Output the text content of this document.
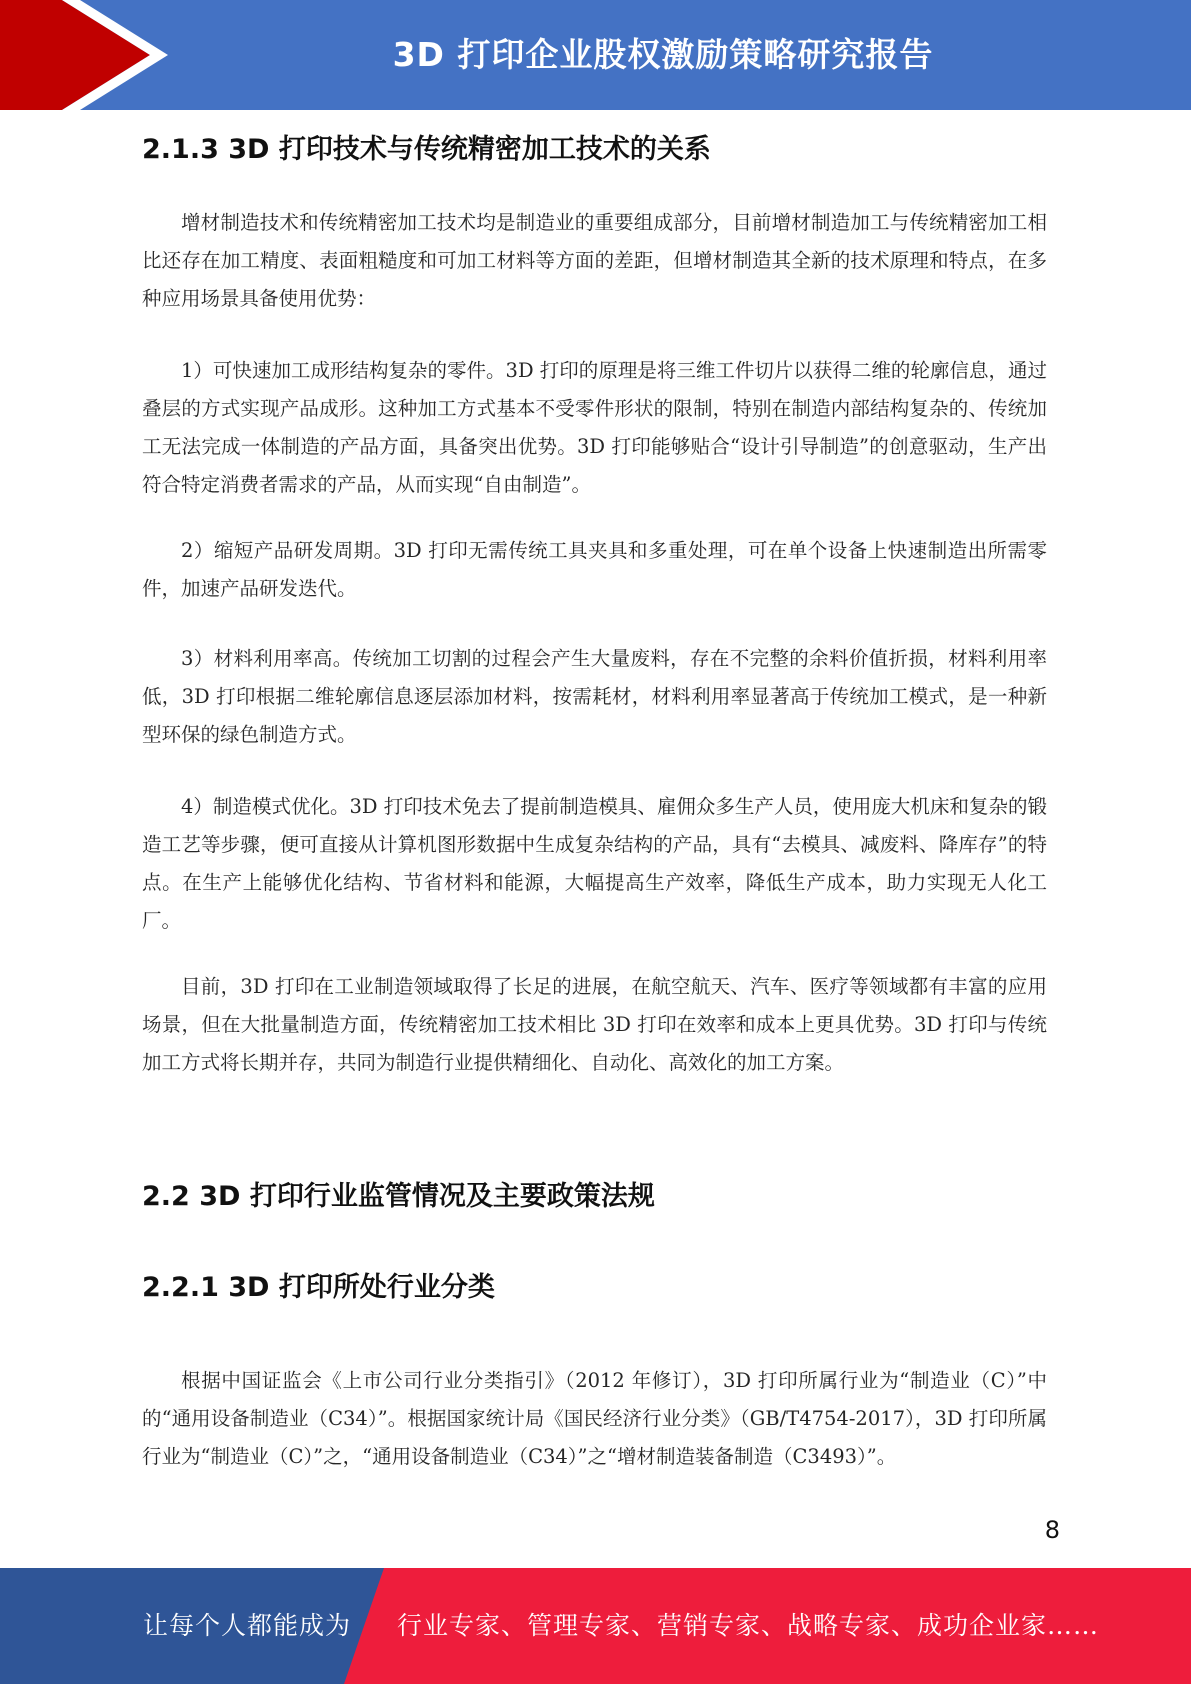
3D 打印企业股权激励策略研究报告
2.1.3 3D 打印技术与传统精密加工技术的关系

增材制造技术和传统精密加工技术均是制造业的重要组成部分，目前增材制造加工与传统精密加工相比还存在加工精度、表面粗糙度和可加工材料等方面的差距，但增材制造其全新的技术原理和特点，在多种应用场景具备使用优势：

1）可快速加工成形结构复杂的零件。3D 打印的原理是将三维工件切片以获得二维的轮廓信息，通过叠层的方式实现产品成形。这种加工方式基本不受零件形状的限制，特别在制造内部结构复杂的、传统加工无法完成一体制造的产品方面，具备突出优势。3D 打印能够贴合“设计引导制造”的创意驱动，生产出符合特定消费者需求的产品，从而实现“自由制造”。

2）缩短产品研发周期。3D 打印无需传统工具夹具和多重处理，可在单个设备上快速制造出所需零件，加速产品研发迭代。

3）材料利用率高。传统加工切割的过程会产生大量废料，存在不完整的余料价值折损，材料利用率低，3D 打印根据二维轮廓信息逐层添加材料，按需耗材，材料利用率显著高于传统加工模式，是一种新型环保的绿色制造方式。

4）制造模式优化。3D 打印技术免去了提前制造模具、雇佣众多生产人员，使用庞大机床和复杂的锻造工艺等步骤，便可直接从计算机图形数据中生成复杂结构的产品，具有“去模具、减废料、降库存”的特点。在生产上能够优化结构、节省材料和能源，大幅提高生产效率，降低生产成本，助力实现无人化工厂。

目前，3D 打印在工业制造领域取得了长足的进展，在航空航天、汽车、医疗等领域都有丰富的应用场景，但在大批量制造方面，传统精密加工技术相比 3D 打印在效率和成本上更具优势。3D 打印与传统加工方式将长期并存，共同为制造行业提供精细化、自动化、高效化的加工方案。

2.2 3D 打印行业监管情况及主要政策法规
2.2.1 3D 打印所处行业分类

根据中国证监会《上市公司行业分类指引》（2012 年修订），3D 打印所属行业为“制造业（C）”中的“通用设备制造业（C34）”。根据国家统计局《国民经济行业分类》（GB/T4754-2017），3D 打印所属行业为“制造业（C）”之，“通用设备制造业（C34）”之“增材制造装备制造（C3493）”。

8
让每个人都能成为 行业专家、管理专家、营销专家、战略专家、成功企业家……
